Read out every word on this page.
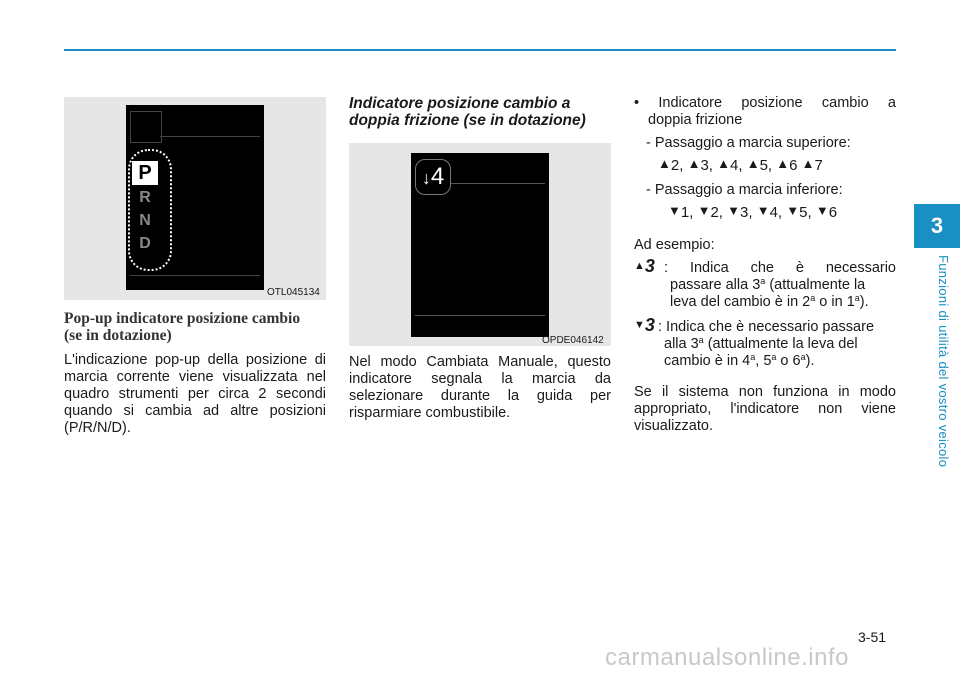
3
Funzioni di utilità del vostro veicolo
P
R
N
D
OTL045134
Pop-up indicatore posizione cambio
(se in dotazione)
L'indicazione pop-up della posizione di marcia corrente viene visualizzata nel quadro strumenti per circa 2 secondi quando si cambia ad altre posizioni (P/R/N/D).
Indicatore posizione cambio a
doppia frizione (se in dotazione)
↓4
OPDE046142
Nel modo Cambiata Manuale, questo indicatore segnala la marcia da selezionare durante la guida per risparmiare combustibile.
• Indicatore posizione cambio a
doppia frizione
- Passaggio a marcia superiore:
▲2, ▲3, ▲4, ▲5, ▲6 ▲7
- Passaggio a marcia inferiore:
▼1, ▼2, ▼3, ▼4, ▼5, ▼6
Ad esempio:
▲3 : Indica che è necessario
passare alla 3$^a$ (attualmente la
leva del cambio è in 2$^a$ o in 1$^a$).
▼3 : Indica che è necessario passare
alla 3$^a$ (attualmente la leva del
cambio è in 4$^a$, 5$^a$ o 6$^a$).
Se il sistema non funziona in modo appropriato, l'indicatore non viene visualizzato.
3-51
carmanualsonline.info
